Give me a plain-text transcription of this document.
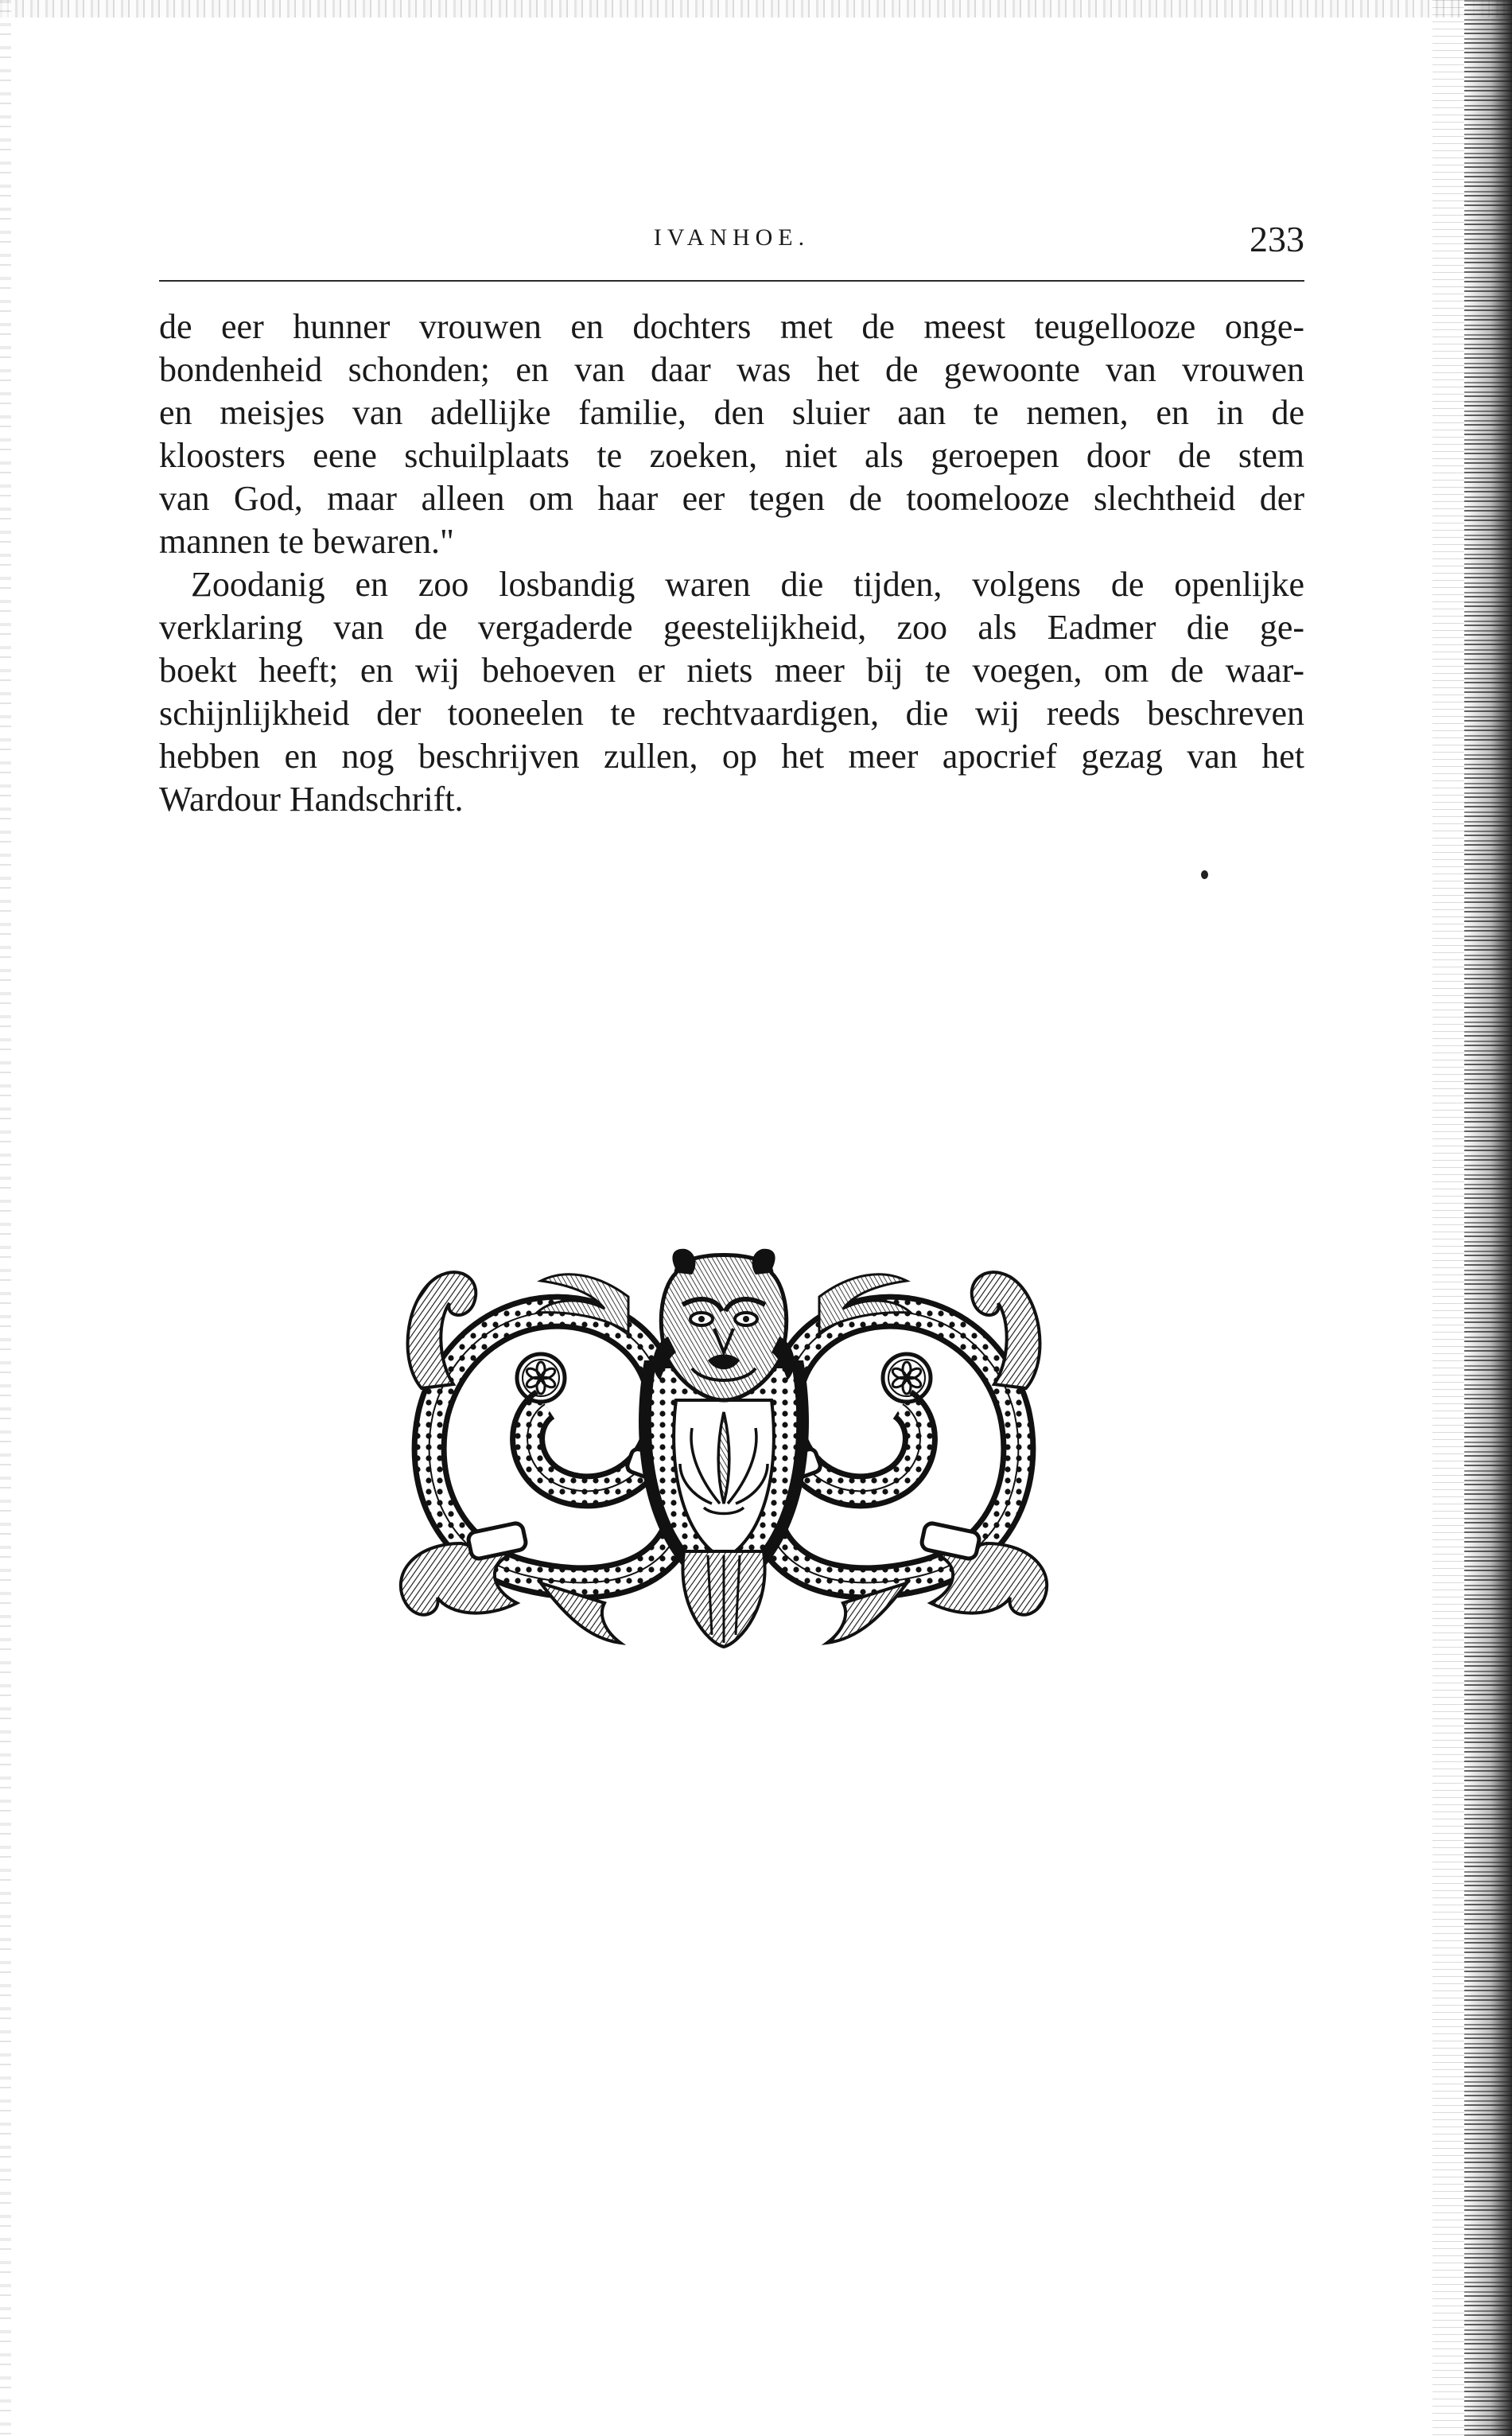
IVANHOE.	233
de eer hunner vrouwen en dochters met de meest teugellooze onge-
bondenheid schonden; en van daar was het de gewoonte van vrouwen
en meisjes van adellijke familie, den sluier aan te nemen, en in de
kloosters eene schuilplaats te zoeken, niet als geroepen door de stem
van God, maar alleen om haar eer tegen de toomelooze slechtheid der
mannen te bewaren."
Zoodanig en zoo losbandig waren die tijden, volgens de openlijke
verklaring van de vergaderde geestelijkheid, zoo als Eadmer die ge-
boekt heeft; en wij behoeven er niets meer bij te voegen, om de waar-
schijnlijkheid der tooneelen te rechtvaardigen, die wij reeds beschreven
hebben en nog beschrijven zullen, op het meer apocrief gezag van het
Wardour Handschrift.
